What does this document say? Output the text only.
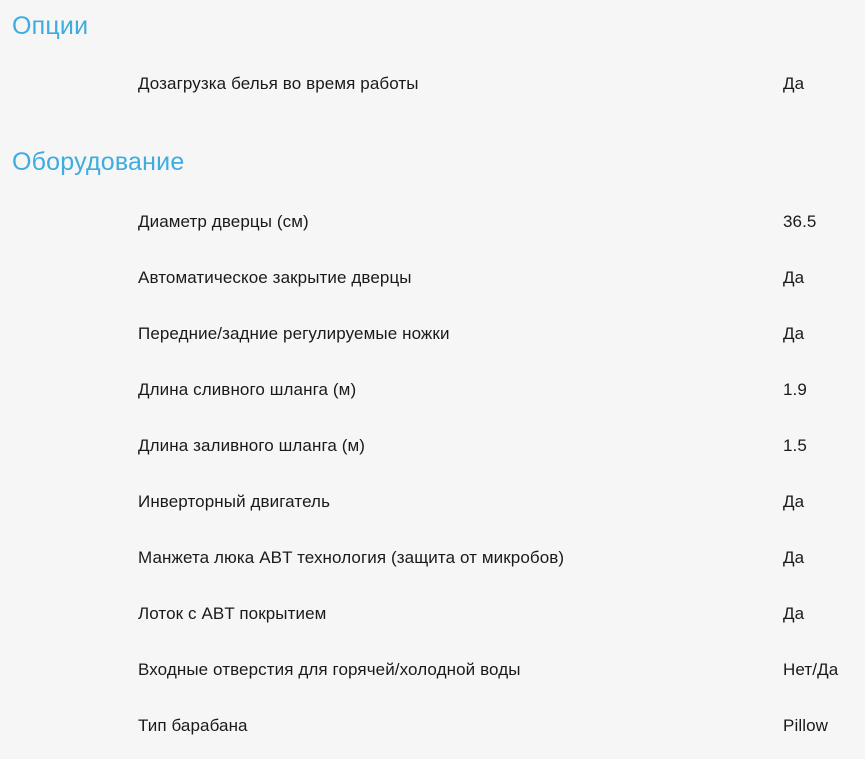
Опции
Дозагрузка белья во время работы	Да
Оборудование
Диаметр дверцы (см)	36.5
Автоматическое закрытие дверцы	Да
Передние/задние регулируемые ножки	Да
Длина сливного шланга (м)	1.9
Длина заливного шланга (м)	1.5
Инверторный двигатель	Да
Манжета люка ABT технология (защита от микробов)	Да
Лоток с ABT покрытием	Да
Входные отверстия для горячей/холодной воды	Нет/Да
Тип барабана	Pillow
